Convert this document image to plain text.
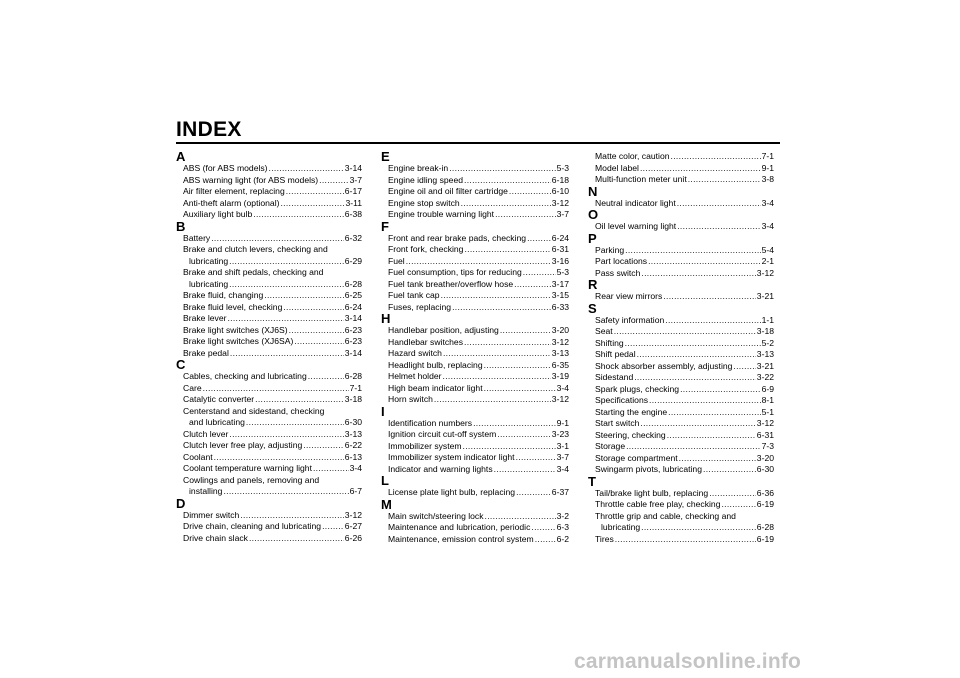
INDEX
A
ABS (for ABS models) .....	3-14
ABS warning light (for ABS models) .....	3-7
Air filter element, replacing .....	6-17
Anti-theft alarm (optional) .....	3-11
Auxiliary light bulb .....	6-38
B
Battery .....	6-32
Brake and clutch levers, checking and
lubricating .....	6-29
Brake and shift pedals, checking and
lubricating .....	6-28
Brake fluid, changing .....	6-25
Brake fluid level, checking .....	6-24
Brake lever .....	3-14
Brake light switches (XJ6S) .....	6-23
Brake light switches (XJ6SA) .....	6-23
Brake pedal .....	3-14
C
Cables, checking and lubricating .....	6-28
Care .....	7-1
Catalytic converter .....	3-18
Centerstand and sidestand, checking
and lubricating .....	6-30
Clutch lever .....	3-13
Clutch lever free play, adjusting .....	6-22
Coolant .....	6-13
Coolant temperature warning light .....	3-4
Cowlings and panels, removing and
installing .....	6-7
D
Dimmer switch .....	3-12
Drive chain, cleaning and lubricating .....	6-27
Drive chain slack .....	6-26
E
Engine break-in .....	5-3
Engine idling speed .....	6-18
Engine oil and oil filter cartridge .....	6-10
Engine stop switch .....	3-12
Engine trouble warning light .....	3-7
F
Front and rear brake pads, checking .....	6-24
Front fork, checking .....	6-31
Fuel .....	3-16
Fuel consumption, tips for reducing .....	5-3
Fuel tank breather/overflow hose .....	3-17
Fuel tank cap .....	3-15
Fuses, replacing .....	6-33
H
Handlebar position, adjusting .....	3-20
Handlebar switches .....	3-12
Hazard switch .....	3-13
Headlight bulb, replacing .....	6-35
Helmet holder .....	3-19
High beam indicator light .....	3-4
Horn switch .....	3-12
I
Identification numbers .....	9-1
Ignition circuit cut-off system .....	3-23
Immobilizer system .....	3-1
Immobilizer system indicator light .....	3-7
Indicator and warning lights .....	3-4
L
License plate light bulb, replacing .....	6-37
M
Main switch/steering lock .....	3-2
Maintenance and lubrication, periodic .....	6-3
Maintenance, emission control system .....	6-2
Matte color, caution .....	7-1
Model label .....	9-1
Multi-function meter unit .....	3-8
N
Neutral indicator light .....	3-4
O
Oil level warning light .....	3-4
P
Parking .....	5-4
Part locations .....	2-1
Pass switch .....	3-12
R
Rear view mirrors .....	3-21
S
Safety information .....	1-1
Seat .....	3-18
Shifting .....	5-2
Shift pedal .....	3-13
Shock absorber assembly, adjusting .....	3-21
Sidestand .....	3-22
Spark plugs, checking .....	6-9
Specifications .....	8-1
Starting the engine .....	5-1
Start switch .....	3-12
Steering, checking .....	6-31
Storage .....	7-3
Storage compartment .....	3-20
Swingarm pivots, lubricating .....	6-30
T
Tail/brake light bulb, replacing .....	6-36
Throttle cable free play, checking .....	6-19
Throttle grip and cable, checking and
lubricating .....	6-28
Tires .....	6-19
carmanualsonline.info
